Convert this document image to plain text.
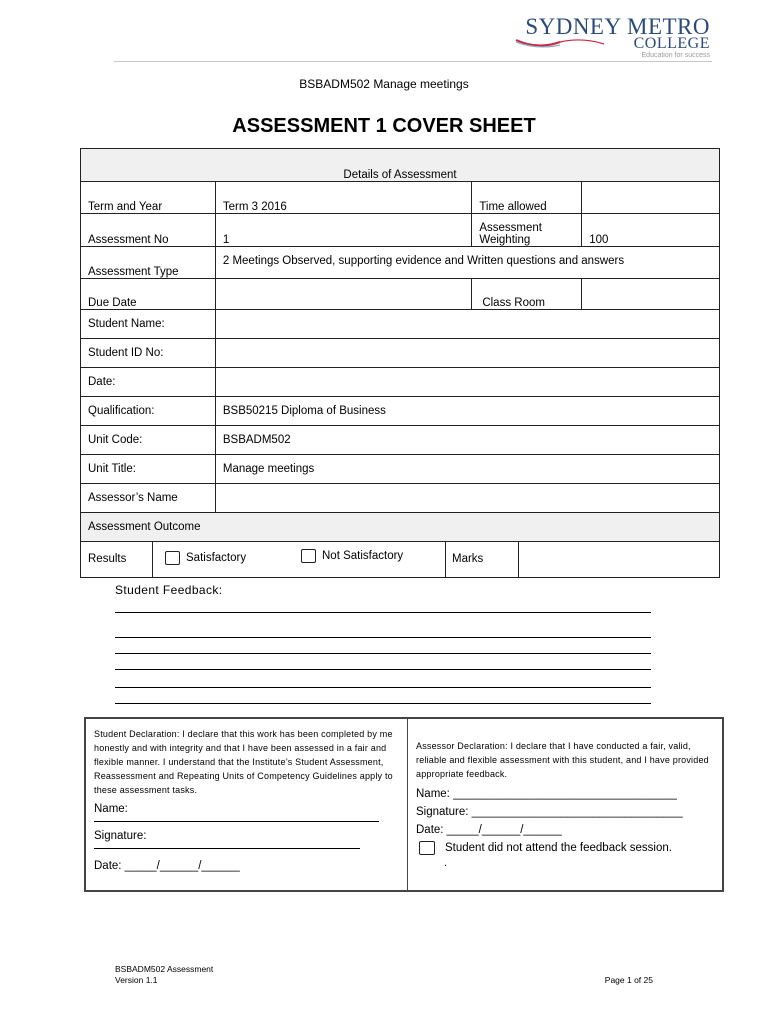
SYDNEY METRO
COLLEGE
Education for success
BSBADM502 Manage meetings
ASSESSMENT 1 COVER SHEET
Details of Assessment			
Term and Year	Term 3 2016	Time allowed	
Assessment No	1	Assessment Weighting	100
Assessment Type	2 Meetings Observed, supporting evidence and Written questions and answers		
Due Date		Class Room	
Student Name:			
Student ID No:			
Date:			
Qualification:	BSB50215 Diploma of Business		
Unit Code:	BSBADM502		
Unit Title:	Manage meetings		
Assessor’s Name			
Assessment Outcome			

Results Satisfactory Not Satisfactory Marks			
Student Feedback:

Student Declaration: I declare that this work has been completed by me honestly and with integrity and that I have been assessed in a fair and flexible manner. I understand that the Institute’s Student Assessment, Reassessment and Repeating Units of Competency Guidelines apply to these assessment tasks.

Name:
Signature:
Date: _____/______/______

Assessor Declaration: I declare that I have conducted a fair, valid, reliable and flexible assessment with this student, and I have provided appropriate feedback.

Name: ___________________________________
Signature: _________________________________
Date: _____/______/______
Student did not attend the feedback session.
.
BSBADM502 Assessment
Version 1.1	Page 1 of 25
